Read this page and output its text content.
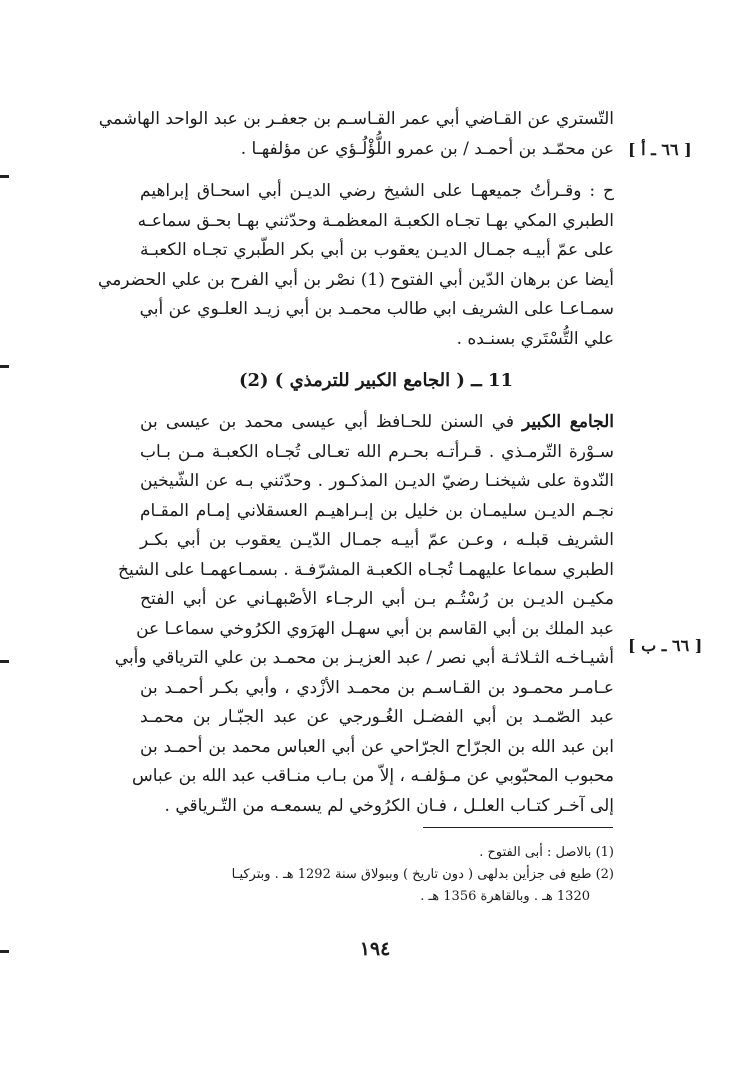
التّستري عن القـاضي أبي عمر القـاسـم بن جعفـر بن عبد الواحد الهاشمي
عن محمّـد بن أحمـد / بن عمرو اللُّؤْلُـؤي عن مؤلفهـا . [ ٦٦ ـ أ ]
ح : وقـرأتُ جميعهـا على الشيخ رضي الديـن أبي اسحـاق إبراهيم
الطبري المكي بهـا تجـاه الكعبـة المعظمـة وحدّثني بهـا بحـق سماعـه
على عمّ أبيـه جمـال الديـن يعقوب بن أبي بكر الطّبري تجـاه الكعبـة
أيضا عن برهان الدّين أبي الفتوح (1) نصْر بن أبي الفرح بن علي الحضرمي
سمـاعـا على الشريف ابي طالب محمـد بن أبي زيـد العلـوي عن أبي
علي التُّسْتَري بسنـده .
11 ــ ( الجامع الكبير للترمذي ) (2)
الجامع الكبير في السنن للحـافظ أبي عيسى محمد بن عيسى بن
سـوْرة التّرمـذي . قـرأتـه بحـرم الله تعـالى تُجـاه الكعبـة مـن بـاب
النّدوة على شيخنـا رضيّ الديـن المذكـور . وحدّثني بـه عن الشّيخين
نجـم الديـن سليمـان بن خليل بن إبـراهيـم العسقلاني إمـام المقـام
الشريف قبلـه ، وعـن عمّ أبيـه جمـال الدّيـن يعقوب بن أبي بكـر
الطبري سماعا عليهمـا تُجـاه الكعبـة المشرّفـة . بسمـاعهمـا على الشيخ
مكيـن الديـن بن رُسْتُـم بـن أبي الرجـاء الأصْبهـاني عن أبي الفتح
عبد الملك بن أبي القاسم بن أبي سهـل الهرَوي الكرُوخي سماعـا عن
أشيـاخـه الثـلاثـة أبي نصر / عبد العزيـز بن محمـد بن علي الترياقي وأبي
عـامـر محمـود بن القـاسـم بن محمـد الأزْدي ، وأبي بكـر أحمـد بن
عبد الصّمـد بن أبي الفضـل الغُـورجي عن عبد الجبّـار بن محمـد
ابن عبد الله بن الجرّاح الجرّاحي عن أبي العباس محمد بن أحمـد بن
محبوب المحبّوبي عن مـؤلفـه ، إلاّ من بـاب منـاقب عبد الله بن عباس
إلى آخـر كتـاب العلـل ، فـان الكرُوخي لم يسمعـه من التّـرياقي .
[ ٦٦ ـ ب ]
(1) بالاصل : أبى الفتوح .
(2) طبع فى جزأين بدلهى ( دون تاريخ ) وببولاق سنة 1292 هـ . وبتركيـا
1320 هـ . وبالقاهرة 1356 هـ .
١٩٤
